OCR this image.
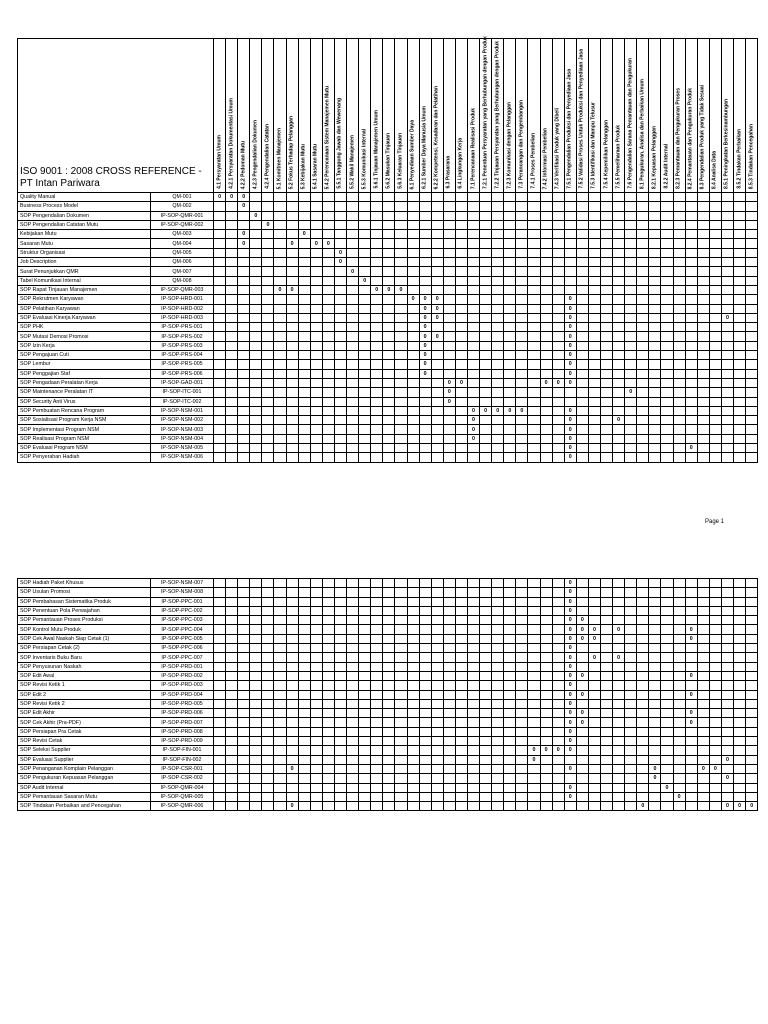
ISO 9001 : 2008 CROSS REFERENCE - PT Intan Pariwara		4.1 Persyaratan Umum	4.2.1 Persyaratan Dokumentasi Umum	4.2.2 Pedoman Mutu	4.2.3 Pengendalian Dokumen	4.2.4 Pengendalian Catatan	5.1 Komitmen Manajemen	5.2 Fokus Terhadap Pelanggan	5.3 Kebijakan Mutu	5.4.1 Sasaran Mutu	5.4.2 Perencanaan Sistem Manajemen Mutu	5.5.1 Tanggung Jawab dan Wewenang	5.5.2 Wakil Manajemen	5.5.3 Komunikasi Internal	5.6.1 Tinjauan Manajemen Umum	5.6.2 Masukan Tinjauan	5.6.3 Keluaran Tinjauan	6.1 Penyediaan Sumber Daya	6.2.1 Sumber Daya Manusia Umum	6.2.2 Kompetensi, Kesadaran dan Pelatihan	6.3 Prasarana	6.4 Lingkungan Kerja	7.1 Perencanaan Realisasi Produk	7.2.1 Penentuan Persyaratan yang Berhubungan dengan Produk	7.2.2 Tinjauan Persyaratan yang Berhubungan dengan Produk	7.2.3 Komunikasi dengan Pelanggan	7.3 Perancangan dan Pengembangan	7.4.1 Proses Pembelian	7.4.2 Informasi Pembelian	7.4.3 Verifikasi Produk yang Dibeli	7.5.1 Pengendalian Produksi dan Penyediaan Jasa	7.5.2 Validasi Proses Untuk Produksi dan Penyediaan Jasa	7.5.3 Identifikasi dan Mampu Telusur	7.5.4 Kepemilikan Pelanggan	7.5.5 Pemeliharaan Produk	7.6 Pengendalian Sarana Pemantauan dan Pengukuran	8.1 Pengukuran, Analisa dan Perbaikan Umum	8.2.1 Kepuasan Pelanggan	8.2.2 Audit Internal	8.2.3 Pemantauan dan Pengukuran Proses	8.2.4 Pemantauan dan Pengukuran Produk	8.3 Pengendalian Produk yang Tidak Sesuai	8.4 Analisa Data	8.5.1 Peningkatan Berkesinambungan	8.5.2 Tindakan Perbaikan	8.5.3 Tindakan Pencegahan

Quality Manual	QM-001	0	0	0																																										
Business Process Model	QM-002			0																																										
SOP Pengendalian Dokumen	IP-SOP-QMR-001				0																																									
SOP Pengendalian Catatan Mutu	IP-SOP-QMR-002					0																																								
Kebijakan Mutu	QM-003			0					0																																					
Sasaran Mutu	QM-004			0				0		0	0																																			
Struktur Organisasi	QM-005											0																																		
Job Description	QM-006											0																																		
Surat Penunjukkan QMR	QM-007												0																																	
Tabel Komunikasi Internal	QM-008													0																																
SOP Rapat Tinjauan Manajemen	IP-SOP-QMR-003						0	0							0	0	0																													
SOP Rekrutmen Karyawan	IP-SOP-HRD-001																	0	0	0											0															
SOP Pelatihan Karyawan	IP-SOP-HRD-002																		0	0											0															
SOP Evaluasi Kinerja Karyawan	IP-SOP-HRD-003																		0	0											0													0		
SOP PHK	IP-SOP-PRS-001																		0												0															
SOP Mutasi Demosi Promosi	IP-SOP-PRS-002																		0	0											0															
SOP Izin Kerja	IP-SOP-PRS-003																		0												0															
SOP Pengajuan Cuti	IP-SOP-PRS-004																		0												0															
SOP Lembur	IP-SOP-PRS-005																		0												0															
SOP Penggajian Staf	IP-SOP-PRS-006																		0												0															
SOP Pengadaan Peralatan Kerja	IP-SOP-GAD-001																				0	0							0	0	0															
SOP Maintenance Peralatan IT	IP-SOP-ITC-001																				0															0										
SOP Security Anti Virus	IP-SOP-ITC-002																				0																									
SOP Pembuatan Rencana Program	IP-SOP-NSM-001																						0	0	0	0	0				0															
SOP Sosialisasi Program Kerja NSM	IP-SOP-NSM-002																						0								0				0											
SOP Implementasi Program NSM	IP-SOP-NSM-003																						0								0															
SOP Realisasi Program NSM	IP-SOP-NSM-004																						0								0															
SOP Evaluasi Program NSM	IP-SOP-NSM-005																														0										0					
SOP Penyerahan Hadiah	IP-SOP-NSM-006																														0															
Page 1
SOP Hadiah Paket Khusus	IP-SOP-NSM-007																														0															
SOP Usulan Promosi	IP-SOP-NSM-008																														0															
SOP Pembahasan Sistematika Produk	IP-SOP-PPC-001																														0															
SOP Penentuan Pola Perwajahan	IP-SOP-PPC-002																														0															
SOP Pemantauan Proses Produksi	IP-SOP-PPC-003																														0	0														
SOP Kontrol Mutu Produk	IP-SOP-PPC-004																														0	0	0		0						0					
SOP Cek Awal Naskah Siap Cetak (1)	IP-SOP-PPC-005																														0	0	0								0					
SOP Persiapan Cetak (2)	IP-SOP-PPC-006																														0															
SOP Inventaris Buku Baru	IP-SOP-PPC-007																														0		0		0											
SOP Penyusunan Naskah	IP-SOP-PRD-001																														0															
SOP Edit Awal	IP-SOP-PRD-002																														0	0									0					
SOP Revisi Ketik 1	IP-SOP-PRD-003																														0															
SOP Edit 2	IP-SOP-PRD-004																														0	0									0					
SOP Revisi Ketik 2	IP-SOP-PRD-005																														0															
SOP Edit Akhir	IP-SOP-PRD-006																														0	0									0					
SOP Cek Akhir (Pra-PDF)	IP-SOP-PRD-007																														0	0									0					
SOP Persiapan Pra Cetak	IP-SOP-PRD-008																														0															
SOP Revisi Cetak	IP-SOP-PRD-009																														0															
SOP Seleksi Supplier	IP-SOP-FIN-001																											0	0	0	0															
SOP Evaluasi Supplier	IP-SOP-FIN-002																											0																0		
SOP Penanganan Komplain Pelanggan	IP-SOP-CSR-001							0																							0							0				0	0			
SOP Pengukuran Kepuasan Pelanggan	IP-SOP-CSR-002																																					0						0		
SOP Audit Internal	IP-SOP-QMR-004																														0								0							
SOP Pemantauan Sasaran Mutu	IP-SOP-QMR-005																														0									0						
SOP Tindakan Perbaikan and Pencegahan	IP-SOP-QMR-006							0																													0							0	0	0
